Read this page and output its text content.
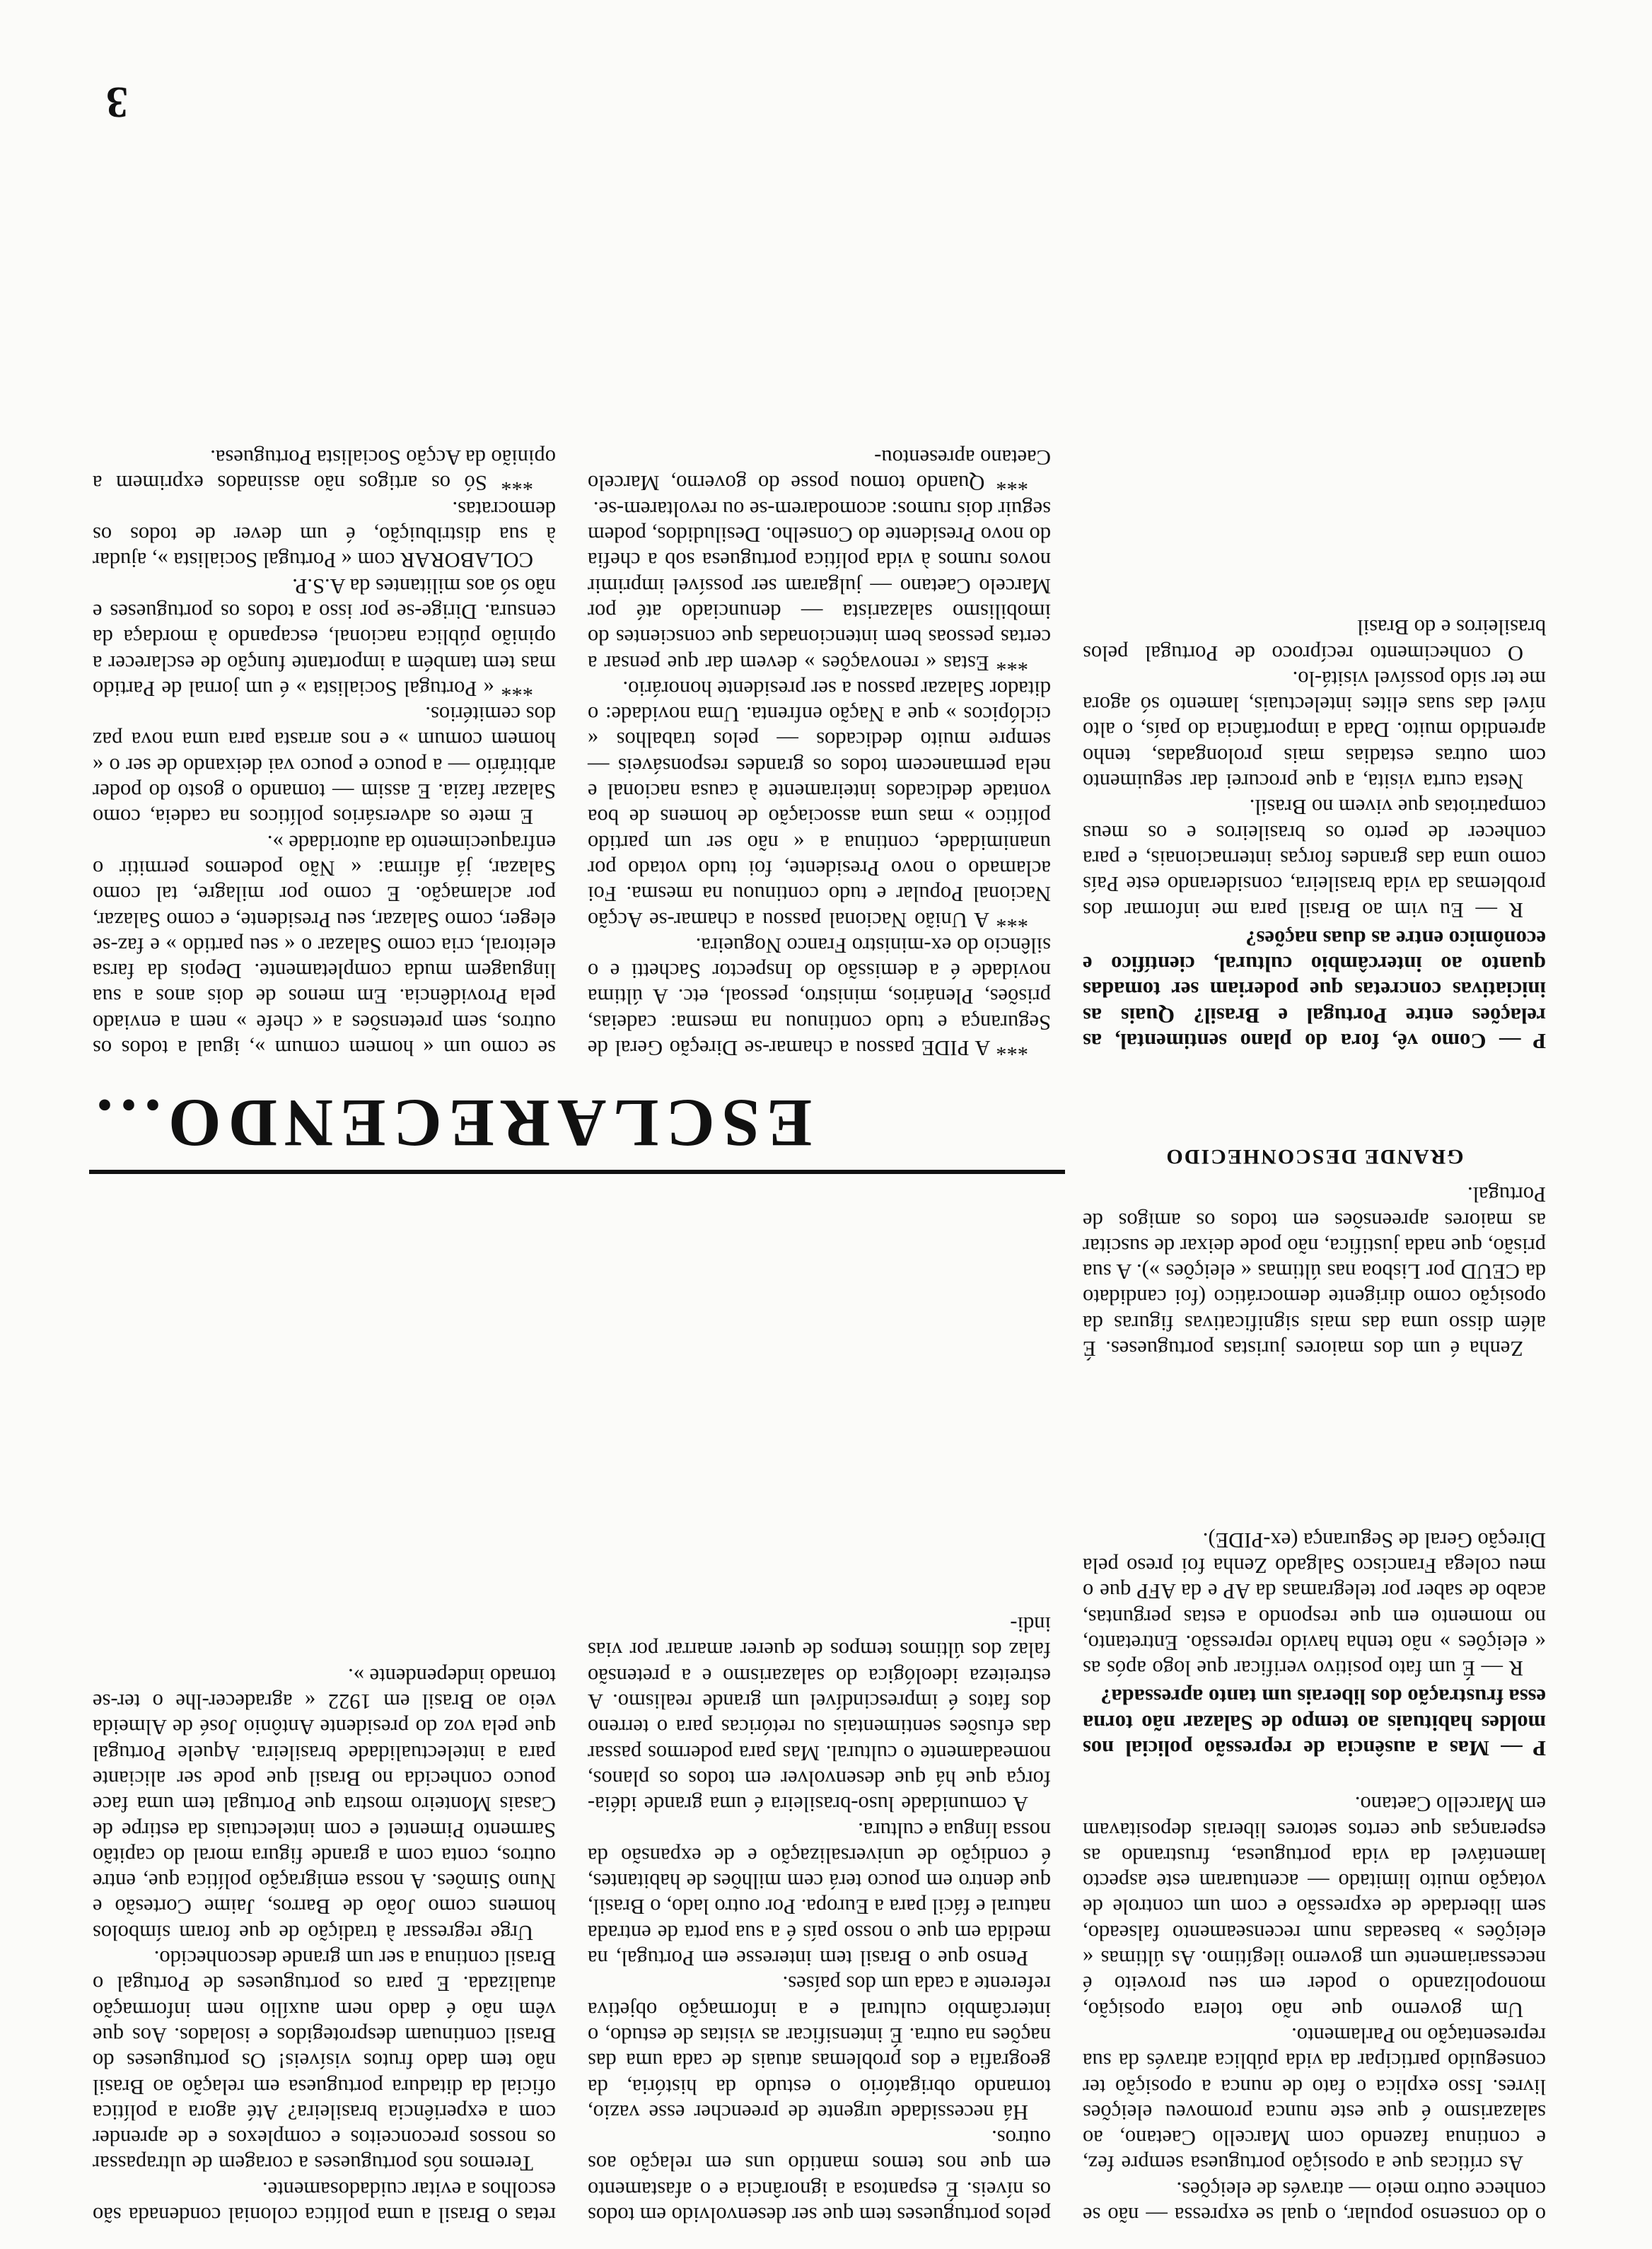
3

P — Como vê, fora do plano sentimental, as relações entre Portugal e Brasil? Quais as iniciativas concretas que poderiam ser tomadas quanto ao intercâmbio cultural, científico e econômico entre as duas nações?

R — Eu vim ao Brasil para me informar dos problemas da vida brasileira, considerando este País como uma das grandes forças internacionais, e para conhecer de perto os brasileiros e os meus compatriotas que vivem no Brasil.

Nesta curta visita, a que procurei dar seguimento com outras estadias mais prolongadas, tenho aprendido muito. Dada a importância do país, o alto nível das suas elites intelectuais, lamento só agora me ter sido possível visitá-lo.

O conhecimento recíproco de Portugal pelos brasileiros e do Brasil

Zenha é um dos maiores juristas portugueses. É além disso uma das mais significativas figuras da oposição como dirigente democrático (foi candidato da CEUD por Lisboa nas últimas « eleições »). A sua prisão, que nada justifica, não pode deixar de suscitar as maiores apreensões em todos os amigos de Portugal.

GRANDE DESCONHECIDO

P — Mas a ausência de repressão policial nos moldes habituais ao tempo de Salazar não torna essa frustração dos liberais um tanto apressada?

R — É um fato positivo verificar que logo após as « eleições » não tenha havido repressão. Entretanto, no momento em que respondo a estas perguntas, acabo de saber por telegramas da AP e da AFP que o meu colega Francisco Salgado Zenha foi preso pela Direção Geral de Segurança (ex-PIDE).

o do consenso popular, o qual se expressa — não se conhece outro meio — através de eleições.

As críticas que a oposição portuguesa sempre fez, e continua fazendo com Marcello Caetano, ao salazarismo é que este nunca promoveu eleições livres. Isso explica o fato de nunca a oposição ter conseguido participar da vida pública através da sua representação no Parlamento.

Um governo que não tolera oposição, monopolizando o poder em seu proveito é necessariamente um governo ilegítimo. As últimas « eleições » baseadas num recenseamento falseado, sem liberdade de expressão e com um controle de votação muito limitado — acentuaram este aspecto lamentável da vida portuguesa, frustrando as esperanças que certos setores liberais depositavam em Marcello Caetano.

pelos portugueses tem que ser desenvolvido em todos os níveis. É espantosa a ignorância e o afastamento em que nos temos mantido uns em relação aos outros.

Há necessidade urgente de preencher esse vazio, tornando obrigatório o estudo da história, da geografia e dos problemas atuais de cada uma das nações na outra. É intensificar as visitas de estudo, o intercâmbio cultural e a informação objetiva referente a cada um dos países.

Penso que o Brasil tem interesse em Portugal, na medida em que o nosso país é a sua porta de entrada natural e fácil para a Europa. Por outro lado, o Brasil, que dentro em pouco terá cem milhões de habitantes, é condição de universalização e de expansão da nossa língua e cultura.

A comunidade luso-brasileira é uma grande idéia-força que há que desenvolver em todos os planos, nomeadamente o cultural. Mas para podermos passar das efusões sentimentais ou retóricas para o terreno dos fatos é imprescindível um grande realismo. A estreiteza ideológica do salazarismo e a pretensão falaz dos últimos tempos de querer amarrar por vias indi-

retas o Brasil a uma política colonial condenada são escolhos a evitar cuidadosamente.

Teremos nós portugueses a coragem de ultrapassar os nossos preconceitos e complexos e de aprender com a experiência brasileira? Até agora a política oficial da ditadura portuguesa em relação ao Brasil não tem dado frutos visíveis! Os portugueses do Brasil continuam desprotegidos e isolados. Aos que vêm não é dado nem auxílio nem informação atualizada. E para os portugueses de Portugal o Brasil continua a ser um grande desconhecido.

Urge regressar à tradição de que foram símbolos homens como João de Barros, Jaime Cortesão e Nuno Simões. A nossa emigração política que, entre outros, conta com a grande figura moral do capitão Sarmento Pimentel e com intelectuais da estirpe de Casais Monteiro mostra que Portugal tem uma face pouco conhecida no Brasil que pode ser aliciante para a intelectualidade brasileira. Aquele Portugal que pela voz do presidente Antônio José de Almeida veio ao Brasil em 1922 « agradecer-lhe o ter-se tornado independente ».

ESCLARECENDO...

*** A PIDE passou a chamar-se Direção Geral de Segurança e tudo continuou na mesma: cadeias, prisões, Plenários, ministro, pessoal, etc. A última novidade é a demissão do Inspector Sachetti e o silêncio do ex-ministro Franco Nogueira.

*** A União Nacional passou a chamar-se Acção Nacional Popular e tudo continuou na mesma. Foi aclamado o novo Presidente, foi tudo votado por unanimidade, continua a « não ser um partido político » mas uma associação de homens de boa vontade dedicados inteiramente à causa nacional e nela permanecem todos os grandes responsáveis — sempre muito dedicados — pelos trabalhos « ciclópicos » que a Nação enfrenta. Uma novidade: o ditador Salazar passou a ser presidente honorário.

*** Estas « renovações » devem dar que pensar a certas pessoas bem intencionadas que conscientes do imobilismo salazarista — denunciado até por Marcelo Caetano — julgaram ser possível imprimir novos rumos à vida política portuguesa sob a chefia do novo Presidente do Conselho. Desiludidos, podem seguir dois rumos: acomodarem-se ou revoltarem-se.

*** Quando tomou posse do governo, Marcelo Caetano apresentou-

se como um « homem comum », igual a todos os outros, sem pretensões a « chefe » nem a enviado pela Providência. Em menos de dois anos a sua linguagem muda completamente. Depois da farsa eleitoral, cria como Salazar o « seu partido » e faz-se eleger, como Salazar, seu Presidente, e como Salazar, por aclamação. E como por milagre, tal como Salazar, já afirma: « Não podemos permitir o enfraquecimento da autoridade ».

E mete os adversários políticos na cadeia, como Salazar fazia. E assim — tomando o gosto do poder arbitrário — a pouco e pouco vai deixando de ser o « homem comum » e nos arrasta para uma nova paz dos cemitérios.

*** « Portugal Socialista » é um jornal de Partido mas tem também a importante função de esclarecer a opinião pública nacional, escapando à mordaça da censura. Dirige-se por isso a todos os portugueses e não só aos militantes da A.S.P.

COLABORAR com « Portugal Socialista », ajudar à sua distribuição, é um dever de todos os democratas.

*** Só os artigos não assinados exprimem a opinião da Acção Socialista Portuguesa.
